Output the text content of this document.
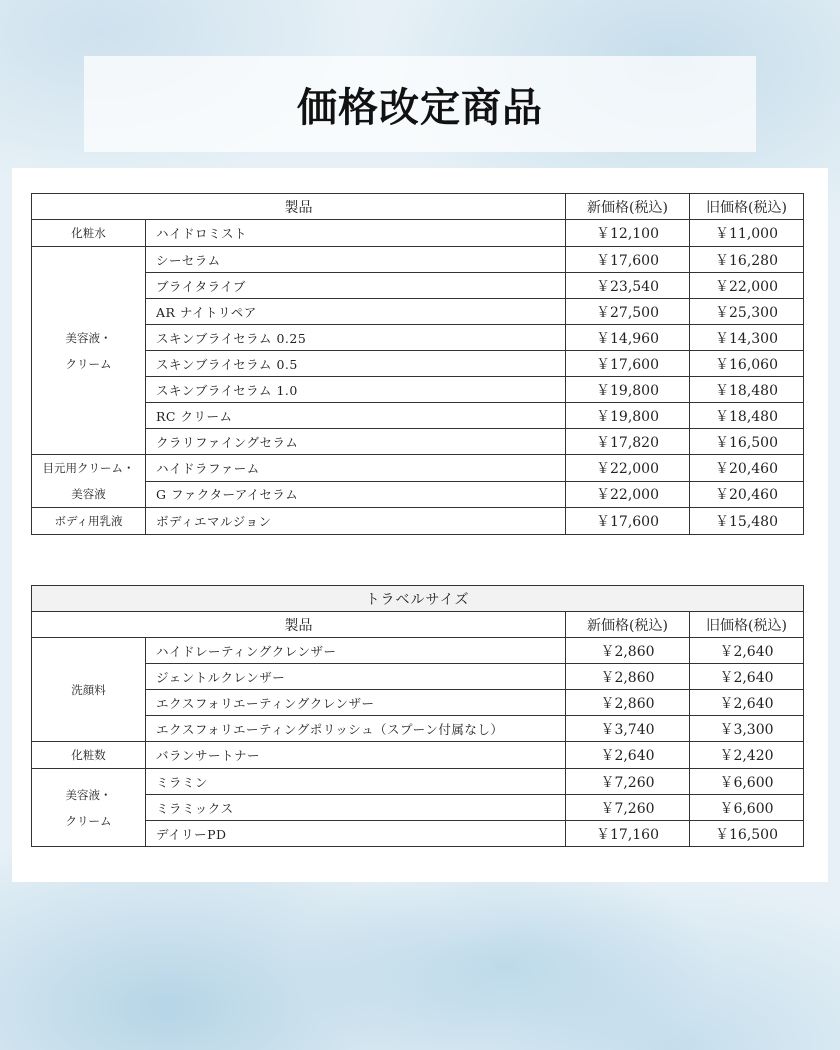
価格改定商品
製品		新価格(税込)	旧価格(税込)

化粧水	ハイドロミスト	￥12,100	￥11,000

美容液・
クリーム	シーセラム	￥17,600	￥16,280
	ブライタライブ	￥23,540	￥22,000
	AR ナイトリペア	￥27,500	￥25,300
	スキンブライセラム 0.25	￥14,960	￥14,300
	スキンブライセラム 0.5	￥17,600	￥16,060
	スキンブライセラム 1.0	￥19,800	￥18,480
	RC クリーム	￥19,800	￥18,480
	クラリファイングセラム	￥17,820	￥16,500

目元用クリーム・
美容液	ハイドラファーム	￥22,000	￥20,460
	G ファクターアイセラム	￥22,000	￥20,460

ボディ用乳液	ボディエマルジョン	￥17,600	￥15,480
トラベルサイズ			
製品		新価格(税込)	旧価格(税込)

洗顔料	ハイドレーティングクレンザー	￥2,860	￥2,640
	ジェントルクレンザー	￥2,860	￥2,640
	エクスフォリエーティングクレンザー	￥2,860	￥2,640
	エクスフォリエーティングポリッシュ（スプーン付属なし）	￥3,740	￥3,300

化粧数	バランサートナー	￥2,640	￥2,420

美容液・
クリーム	ミラミン	￥7,260	￥6,600
	ミラミックス	￥7,260	￥6,600
	デイリーPD	￥17,160	￥16,500
